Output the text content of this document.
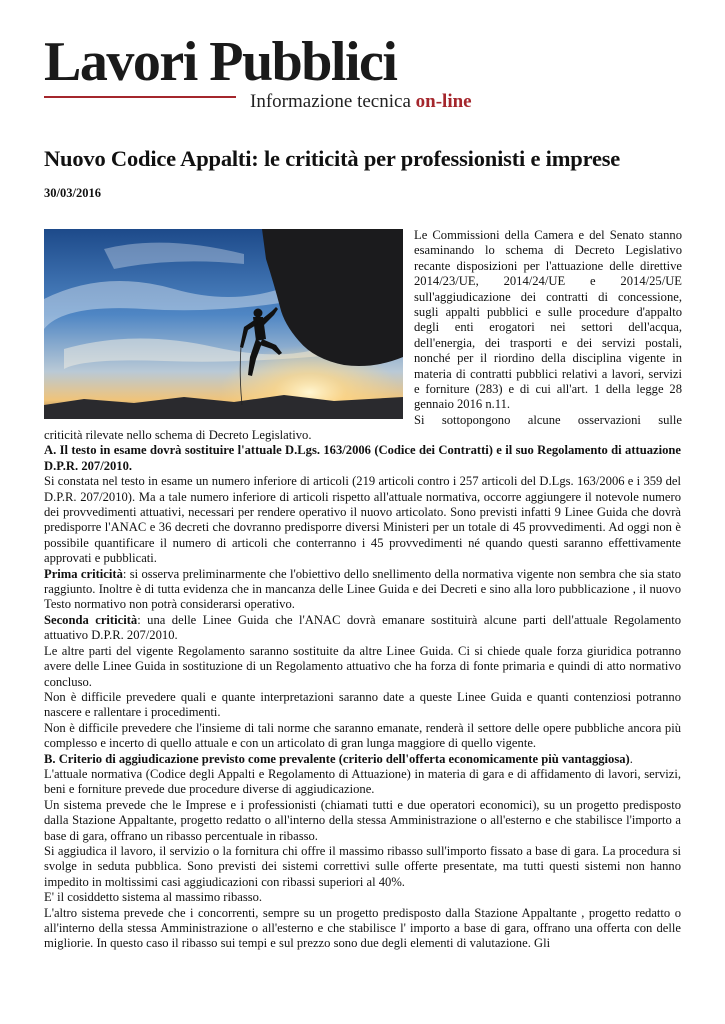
Lavori Pubblici
Informazione tecnica on-line
Nuovo Codice Appalti: le criticità per professionisti e imprese
30/03/2016

Le Commissioni della Camera e del Senato stanno esaminando lo schema di Decreto Legislativo recante disposizioni per l'attuazione delle direttive 2014/23/UE, 2014/24/UE e 2014/25/UE sull'aggiudicazione dei contratti di concessione, sugli appalti pubblici e sulle procedure d'appalto degli enti erogatori nei settori dell'acqua, dell'energia, dei trasporti e dei servizi postali, nonché per il riordino della disciplina vigente in materia di contratti pubblici relativi a lavori, servizi e forniture (283) e di cui all'art. 1 della legge 28 gennaio 2016 n.11.
Si sottopongono alcune osservazioni sulle

criticità rilevate nello schema di Decreto Legislativo.

A. Il testo in esame dovrà sostituire l'attuale D.Lgs. 163/2006 (Codice dei Contratti) e il suo Regolamento di attuazione D.P.R. 207/2010.

Si constata nel testo in esame un numero inferiore di articoli (219 articoli contro i 257 articoli del D.Lgs. 163/2006 e i 359 del D.P.R. 207/2010). Ma a tale numero inferiore di articoli rispetto all'attuale normativa, occorre aggiungere il notevole numero dei provvedimenti attuativi, necessari per rendere operativo il nuovo articolato. Sono previsti infatti 9 Linee Guida che dovrà predisporre l'ANAC e 36 decreti che dovranno predisporre diversi Ministeri per un totale di 45 provvedimenti. Ad oggi non è possibile quantificare il numero di articoli che conterranno i 45 provvedimenti né quando questi saranno effettivamente approvati e pubblicati.

Prima criticità: si osserva preliminarmente che l'obiettivo dello snellimento della normativa vigente non sembra che sia stato raggiunto. Inoltre è di tutta evidenza che in mancanza delle Linee Guida e dei Decreti e sino alla loro pubblicazione , il nuovo Testo normativo non potrà considerarsi operativo.

Seconda criticità: una delle Linee Guida che l'ANAC dovrà emanare sostituirà alcune parti dell'attuale Regolamento attuativo D.P.R. 207/2010.

Le altre parti del vigente Regolamento saranno sostituite da altre Linee Guida. Ci si chiede quale forza giuridica potranno avere delle Linee Guida in sostituzione di un Regolamento attuativo che ha forza di fonte primaria e quindi di atto normativo concluso.

Non è difficile prevedere quali e quante interpretazioni saranno date a queste Linee Guida e quanti contenziosi potranno nascere e rallentare i procedimenti.

Non è difficile prevedere che l'insieme di tali norme che saranno emanate, renderà il settore delle opere pubbliche ancora più complesso e incerto di quello attuale e con un articolato di gran lunga maggiore di quello vigente.

B. Criterio di aggiudicazione previsto come prevalente (criterio dell'offerta economicamente più vantaggiosa).

L'attuale normativa (Codice degli Appalti e Regolamento di Attuazione) in materia di gara e di affidamento di lavori, servizi, beni e forniture prevede due procedure diverse di aggiudicazione.

Un sistema prevede che le Imprese e i professionisti (chiamati tutti e due operatori economici), su un progetto predisposto dalla Stazione Appaltante, progetto redatto o all'interno della stessa Amministrazione o all'esterno e che stabilisce l'importo a base di gara, offrano un ribasso percentuale in ribasso.

Si aggiudica il lavoro, il servizio o la fornitura chi offre il massimo ribasso sull'importo fissato a base di gara. La procedura si svolge in seduta pubblica. Sono previsti dei sistemi correttivi sulle offerte presentate, ma tutti questi sistemi non hanno impedito in moltissimi casi aggiudicazioni con ribassi superiori al 40%.

E' il cosiddetto sistema al massimo ribasso.

L'altro sistema prevede che i concorrenti, sempre su un progetto predisposto dalla Stazione Appaltante , progetto redatto o all'interno della stessa Amministrazione o all'esterno e che stabilisce l' importo a base di gara, offrano una offerta con delle migliorie. In questo caso il ribasso sui tempi e sul prezzo sono due degli elementi di valutazione. Gli
